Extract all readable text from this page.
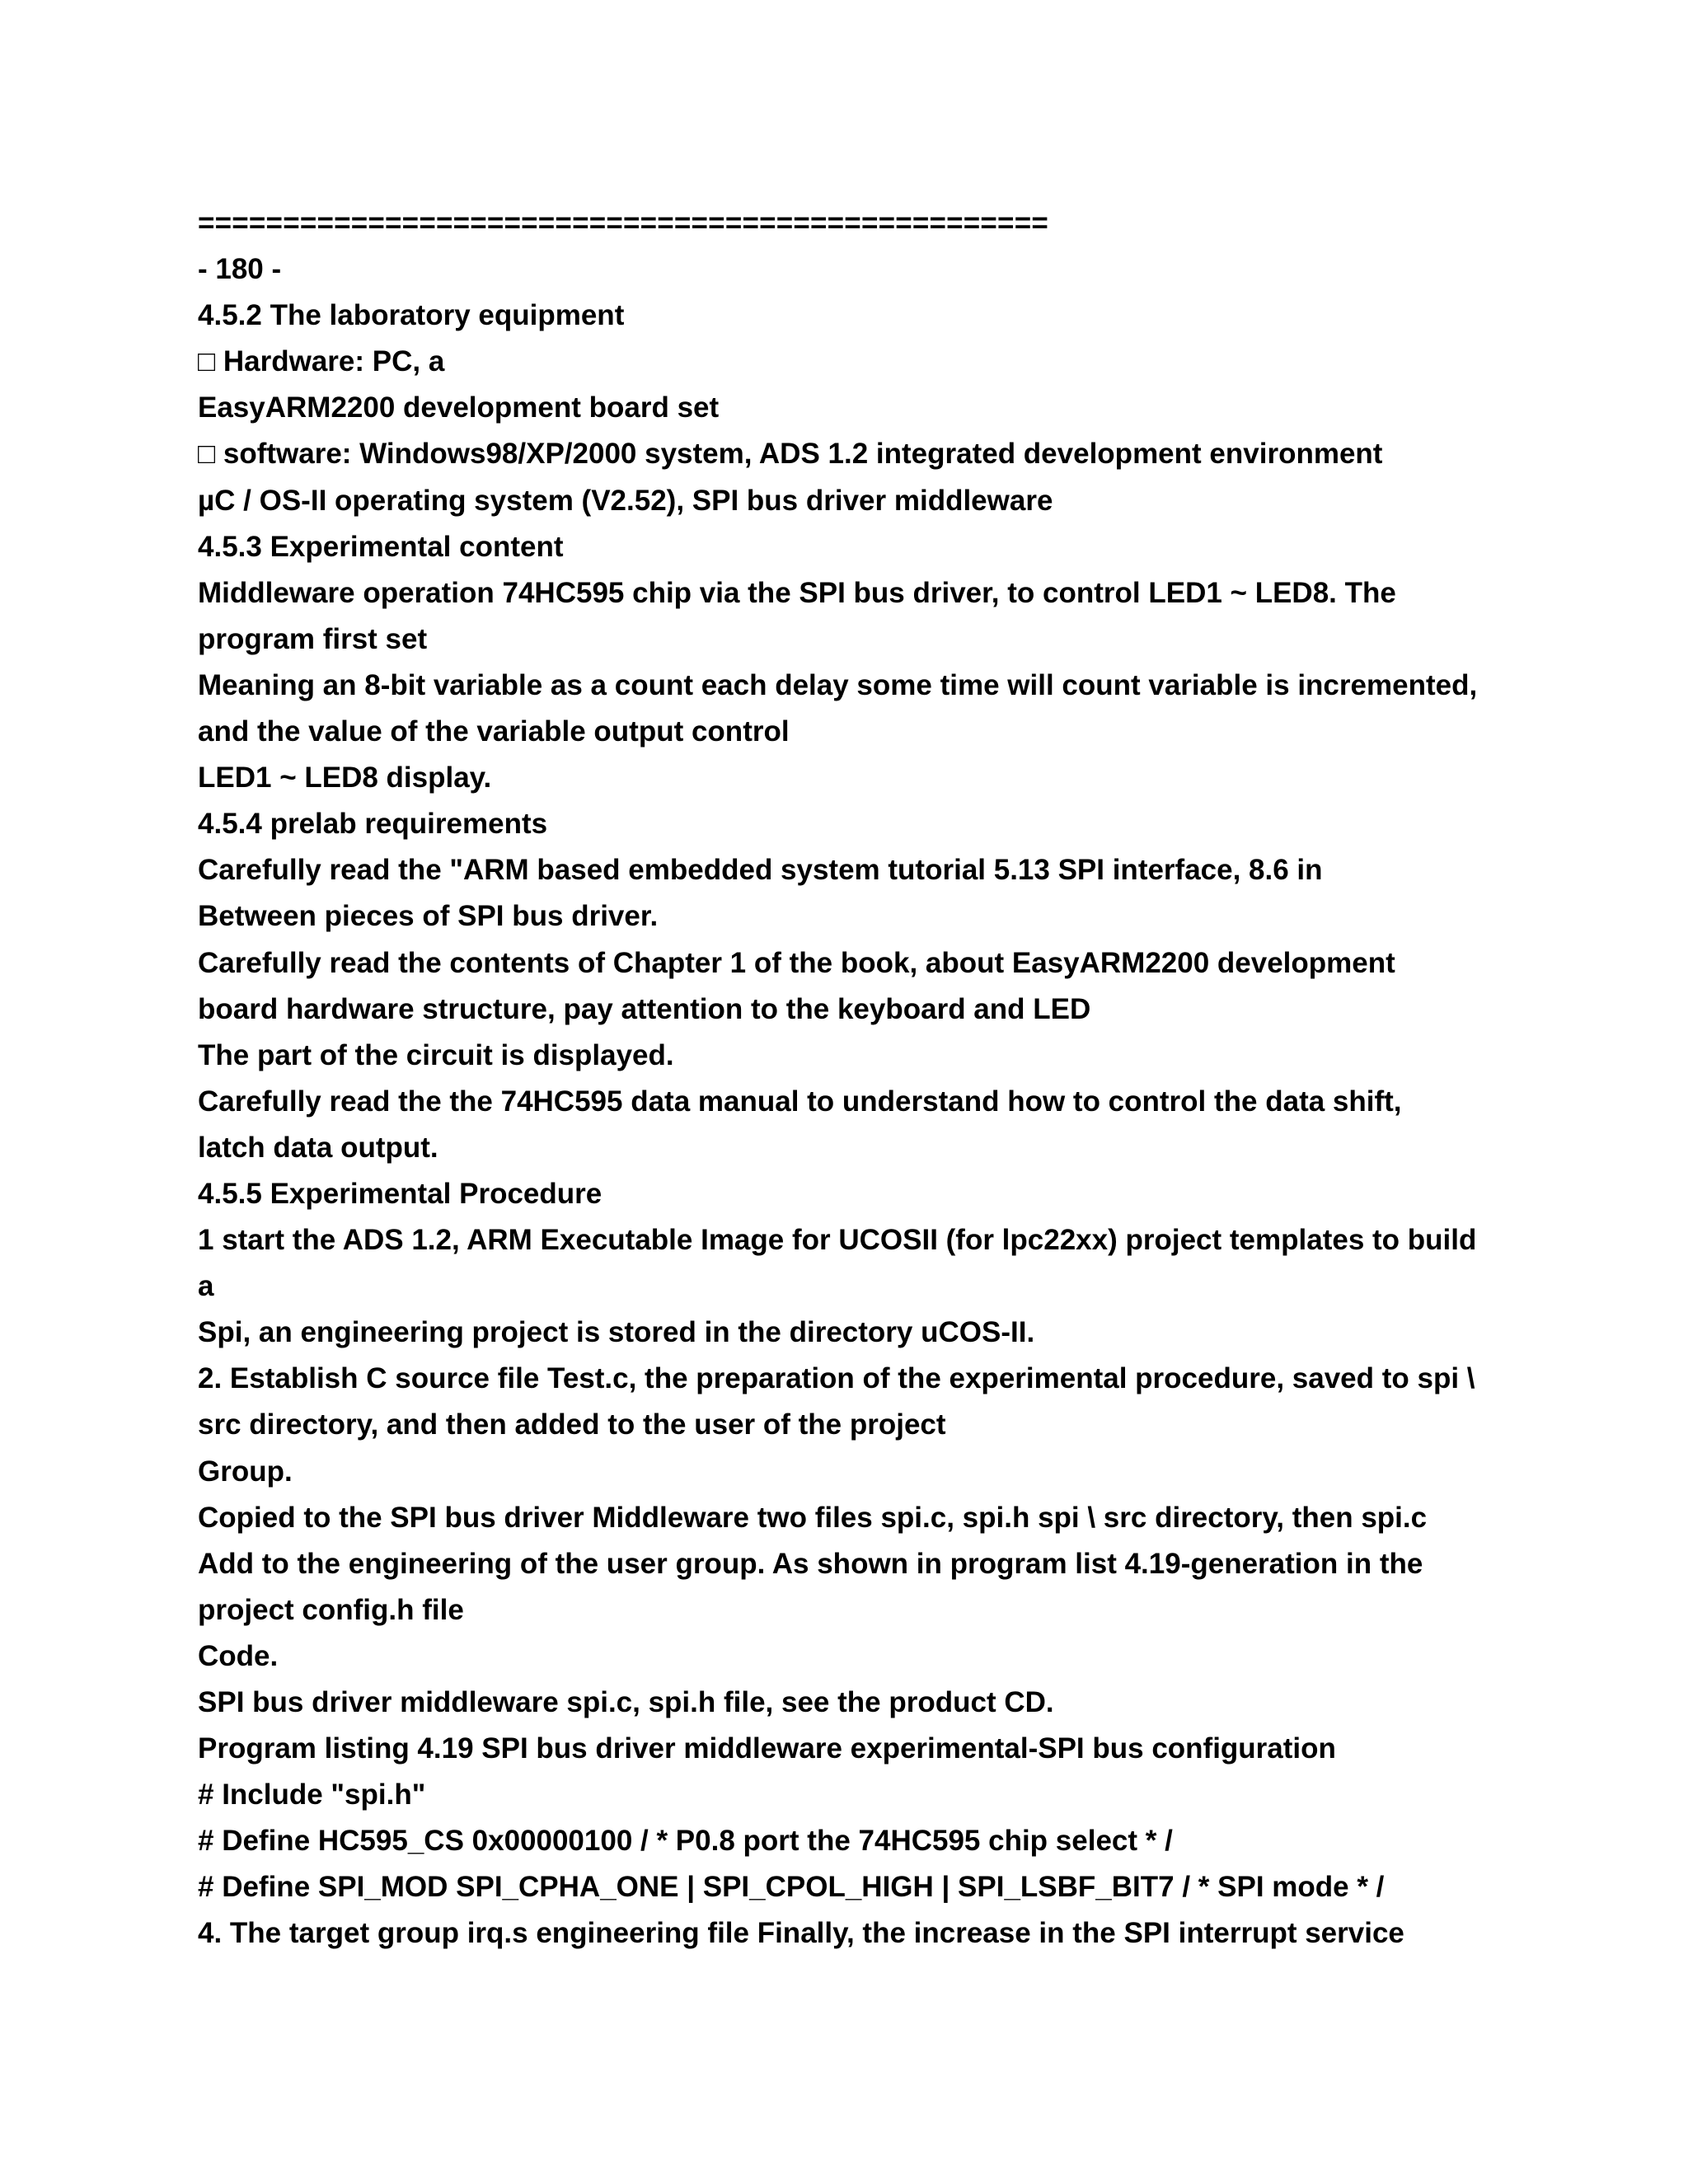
==================================================
- 180 -
4.5.2 The laboratory equipment
□ Hardware: PC, a
EasyARM2200 development board set
□ software: Windows98/XP/2000 system, ADS 1.2 integrated development environment
µC / OS-II operating system (V2.52), SPI bus driver middleware
4.5.3 Experimental content
Middleware operation 74HC595 chip via the SPI bus driver, to control LED1 ~ LED8. The
program first set
Meaning an 8-bit variable as a count each delay some time will count variable is incremented,
and the value of the variable output control
LED1 ~ LED8 display.
4.5.4 prelab requirements
Carefully read the "ARM based embedded system tutorial 5.13 SPI interface, 8.6 in
Between pieces of SPI bus driver.
Carefully read the contents of Chapter 1 of the book, about EasyARM2200 development
board hardware structure, pay attention to the keyboard and LED
The part of the circuit is displayed.
Carefully read the the 74HC595 data manual to understand how to control the data shift,
latch data output.
4.5.5 Experimental Procedure
1 start the ADS 1.2, ARM Executable Image for UCOSII (for lpc22xx) project templates to build
a
Spi, an engineering project is stored in the directory uCOS-II.
2. Establish C source file Test.c, the preparation of the experimental procedure, saved to spi \
src directory, and then added to the user of the project
Group.
Copied to the SPI bus driver Middleware two files spi.c, spi.h spi \ src directory, then spi.c
Add to the engineering of the user group. As shown in program list 4.19-generation in the
project config.h file
Code.
SPI bus driver middleware spi.c, spi.h file, see the product CD.
Program listing 4.19 SPI bus driver middleware experimental-SPI bus configuration
# Include "spi.h"
# Define HC595_CS 0x00000100 / * P0.8 port the 74HC595 chip select * /
# Define SPI_MOD SPI_CPHA_ONE | SPI_CPOL_HIGH | SPI_LSBF_BIT7 / * SPI mode * /
4. The target group irq.s engineering file Finally, the increase in the SPI interrupt service
